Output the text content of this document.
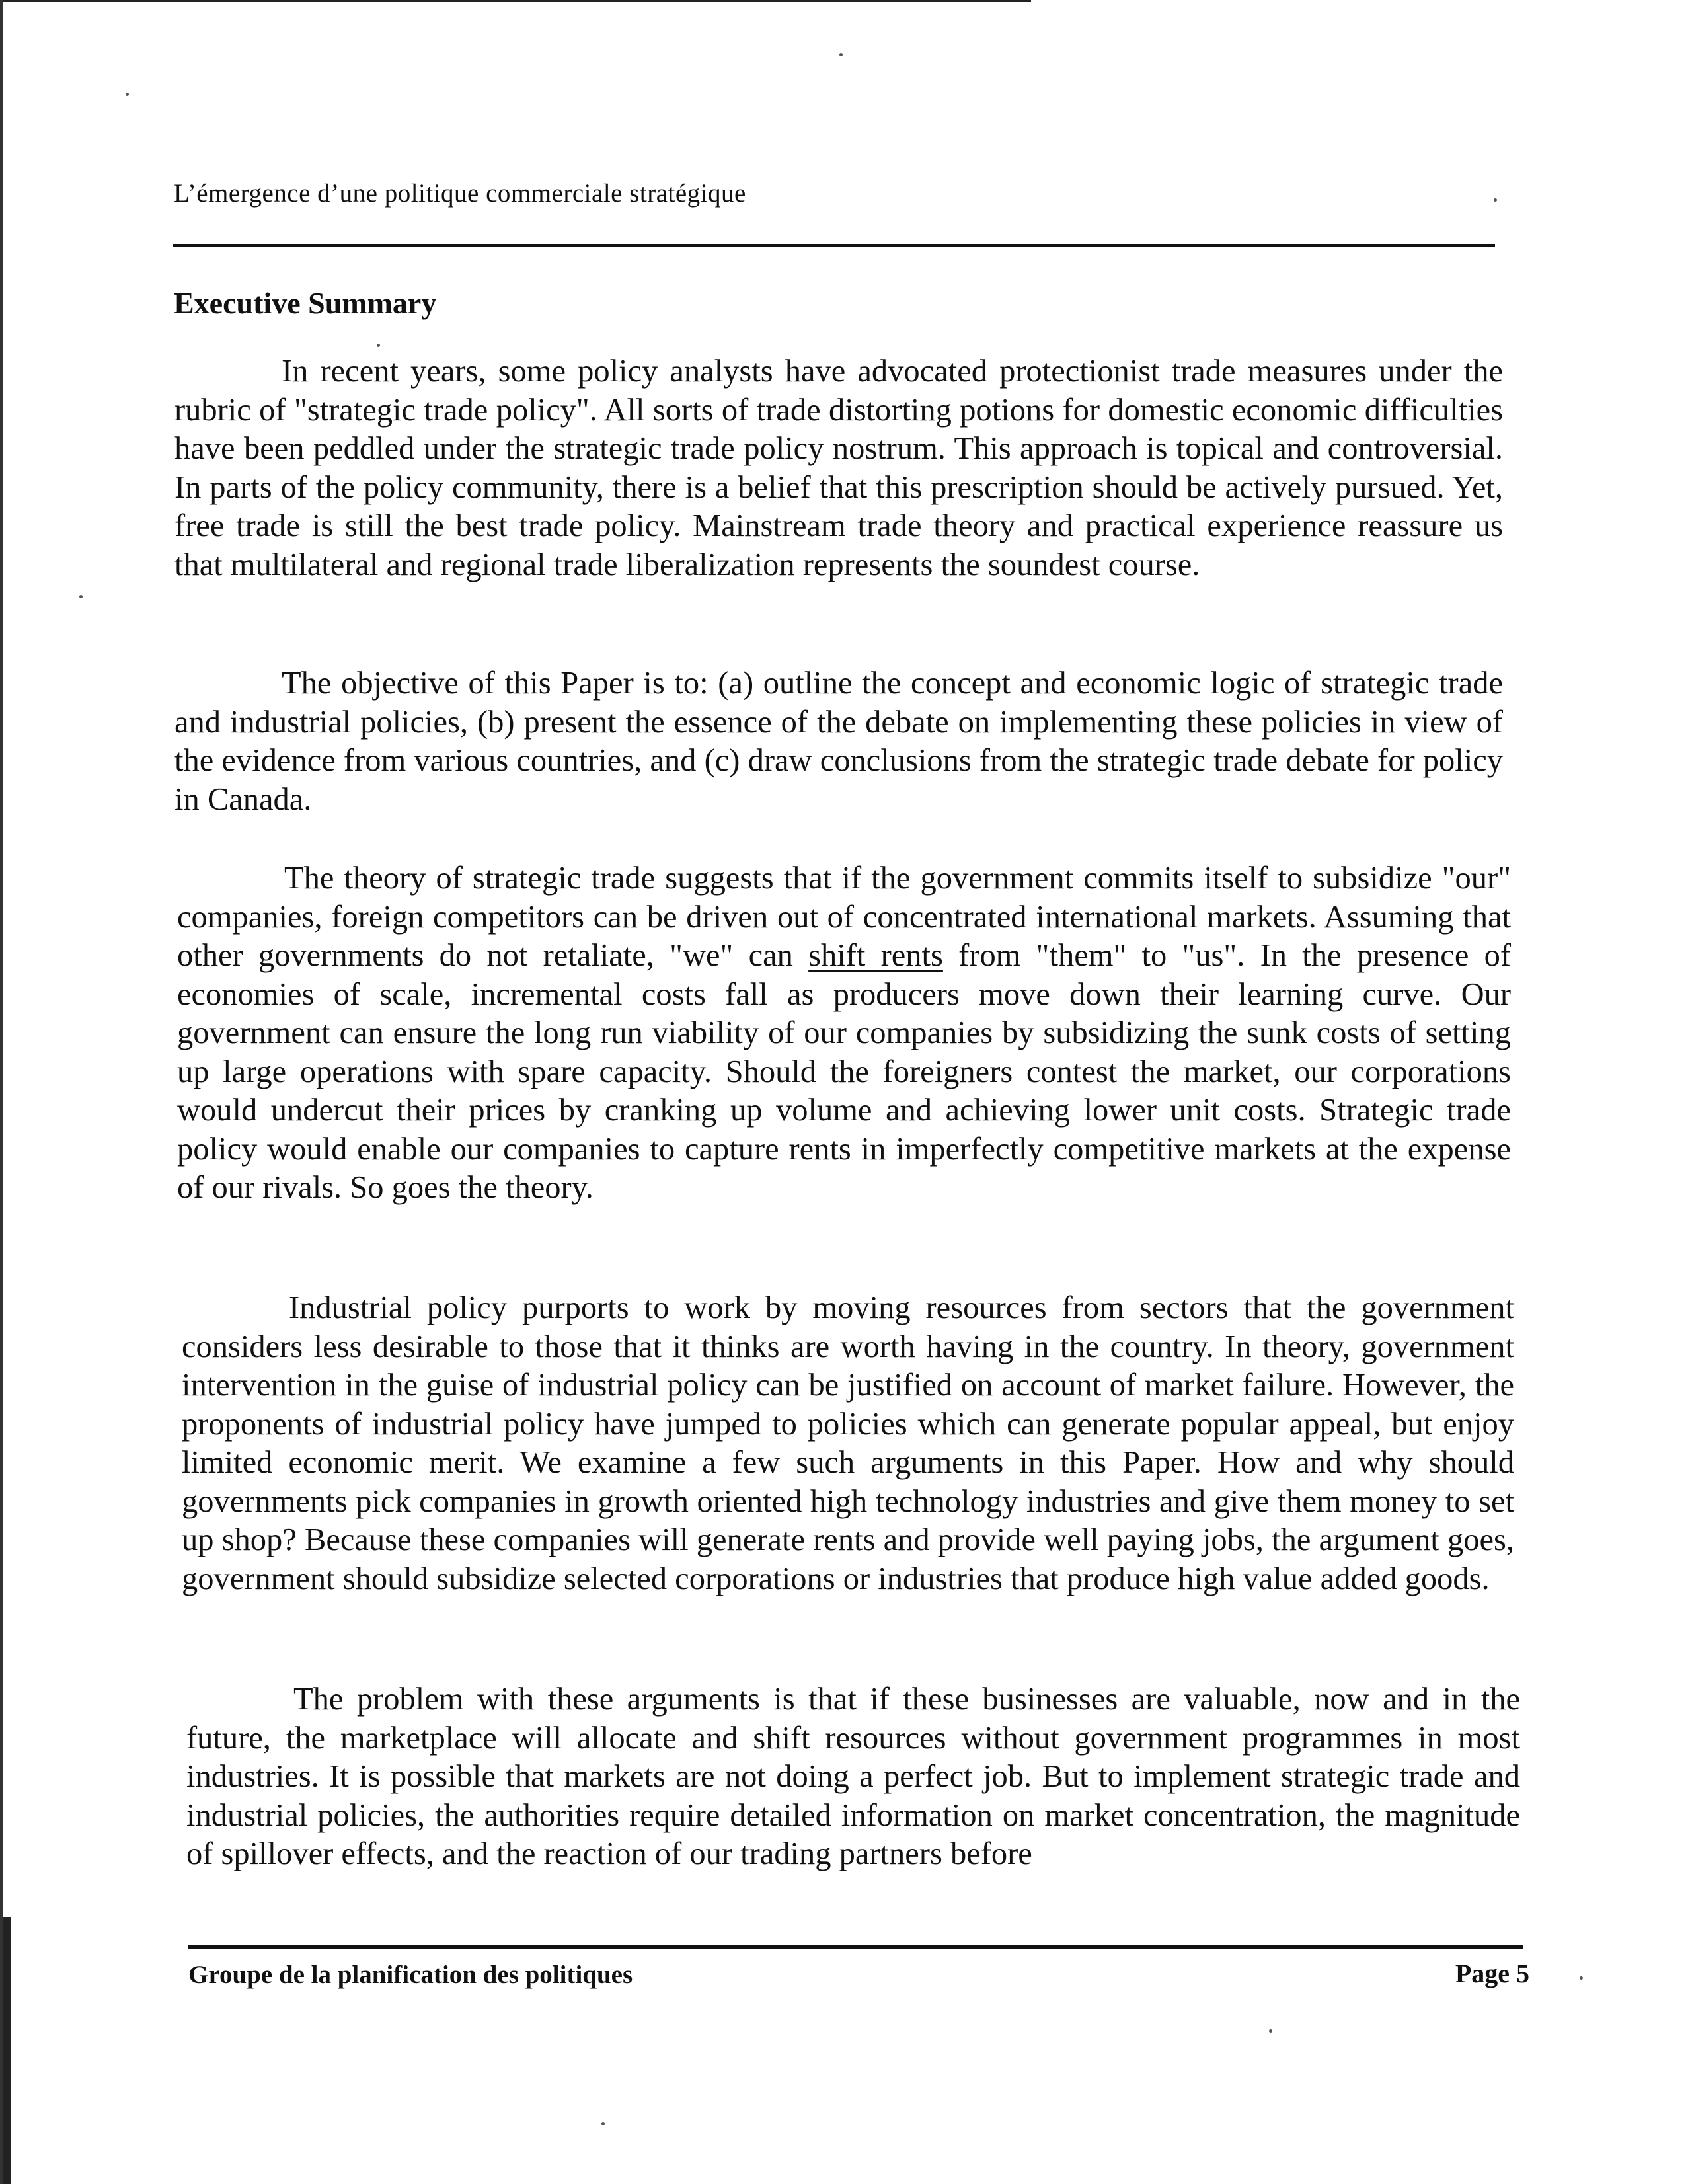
L’émergence d’une politique commerciale stratégique
Executive Summary

In recent years, some policy analysts have advocated protectionist trade measures under the rubric of "strategic trade policy". All sorts of trade distorting potions for domestic economic difficulties have been peddled under the strategic trade policy nostrum. This approach is topical and controversial. In parts of the policy community, there is a belief that this prescription should be actively pursued. Yet, free trade is still the best trade policy. Mainstream trade theory and practical experience reassure us that multilateral and regional trade liberalization represents the soundest course.

The objective of this Paper is to: (a) outline the concept and economic logic of strategic trade and industrial policies, (b) present the essence of the debate on implementing these policies in view of the evidence from various countries, and (c) draw conclusions from the strategic trade debate for policy in Canada.

The theory of strategic trade suggests that if the government commits itself to subsidize "our" companies, foreign competitors can be driven out of concentrated international markets. Assuming that other governments do not retaliate, "we" can shift rents from "them" to "us". In the presence of economies of scale, incremental costs fall as producers move down their learning curve. Our government can ensure the long run viability of our companies by subsidizing the sunk costs of setting up large operations with spare capacity. Should the foreigners contest the market, our corporations would undercut their prices by cranking up volume and achieving lower unit costs. Strategic trade policy would enable our companies to capture rents in imperfectly competitive markets at the expense of our rivals. So goes the theory.

Industrial policy purports to work by moving resources from sectors that the government considers less desirable to those that it thinks are worth having in the country. In theory, government intervention in the guise of industrial policy can be justified on account of market failure. However, the proponents of industrial policy have jumped to policies which can generate popular appeal, but enjoy limited economic merit. We examine a few such arguments in this Paper. How and why should governments pick companies in growth oriented high technology industries and give them money to set up shop? Because these companies will generate rents and provide well paying jobs, the argument goes, government should subsidize selected corporations or industries that produce high value added goods.

The problem with these arguments is that if these businesses are valuable, now and in the future, the marketplace will allocate and shift resources without government programmes in most industries. It is possible that markets are not doing a perfect job. But to implement strategic trade and industrial policies, the authorities require detailed information on market concentration, the magnitude of spillover effects, and the reaction of our trading partners before

Groupe de la planification des politiques	Page 5
